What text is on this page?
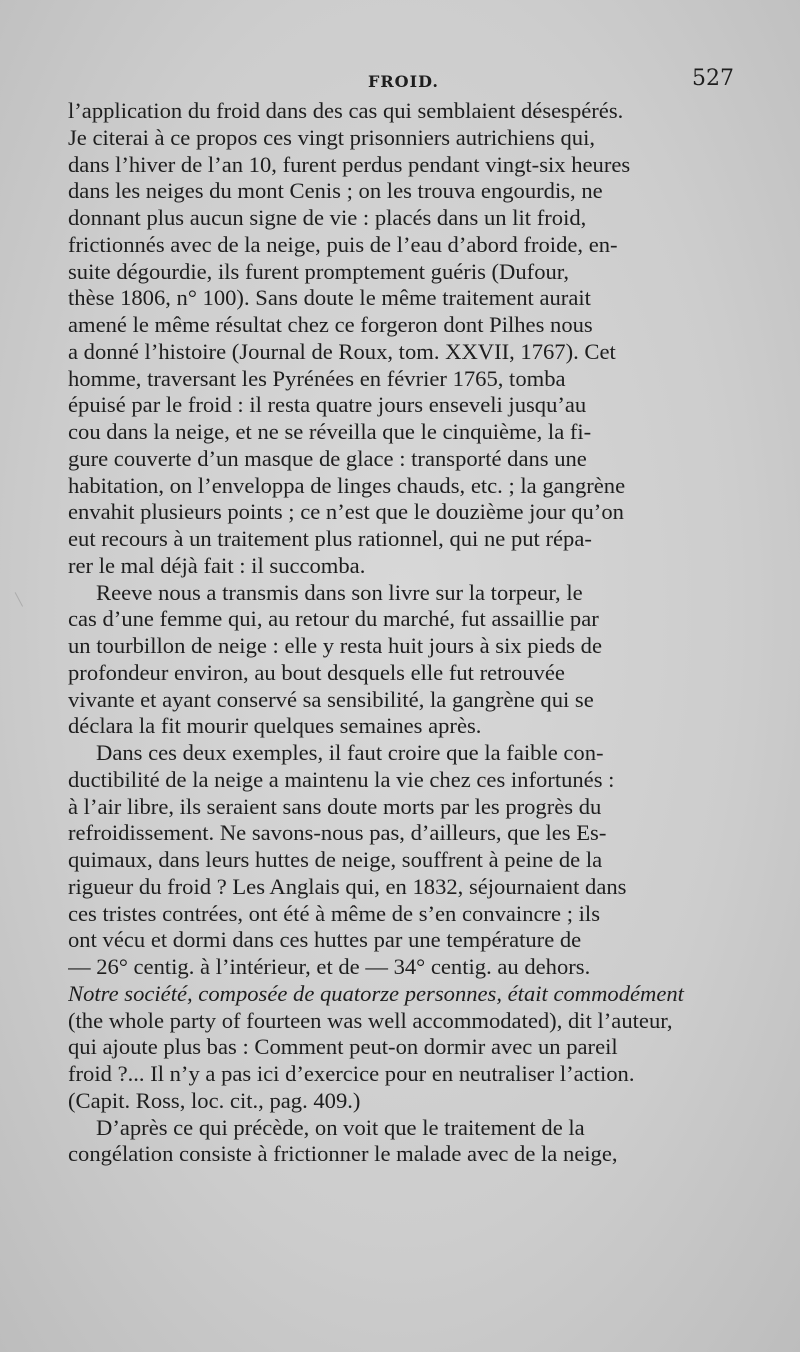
FROID.	527
l’application du froid dans des cas qui semblaient désespérés.
Je citerai à ce propos ces vingt prisonniers autrichiens qui,
dans l’hiver de l’an 10, furent perdus pendant vingt-six heures
dans les neiges du mont Cenis ; on les trouva engourdis, ne
donnant plus aucun signe de vie : placés dans un lit froid,
frictionnés avec de la neige, puis de l’eau d’abord froide, en-
suite dégourdie, ils furent promptement guéris (Dufour,
thèse 1806, n° 100). Sans doute le même traitement aurait
amené le même résultat chez ce forgeron dont Pilhes nous
a donné l’histoire (Journal de Roux, tom. XXVII, 1767). Cet
homme, traversant les Pyrénées en février 1765, tomba
épuisé par le froid : il resta quatre jours enseveli jusqu’au
cou dans la neige, et ne se réveilla que le cinquième, la fi-
gure couverte d’un masque de glace : transporté dans une
habitation, on l’enveloppa de linges chauds, etc. ; la gangrène
envahit plusieurs points ; ce n’est que le douzième jour qu’on
eut recours à un traitement plus rationnel, qui ne put répa-
rer le mal déjà fait : il succomba.
Reeve nous a transmis dans son livre sur la torpeur, le
cas d’une femme qui, au retour du marché, fut assaillie par
un tourbillon de neige : elle y resta huit jours à six pieds de
profondeur environ, au bout desquels elle fut retrouvée
vivante et ayant conservé sa sensibilité, la gangrène qui se
déclara la fit mourir quelques semaines après.
Dans ces deux exemples, il faut croire que la faible con-
ductibilité de la neige a maintenu la vie chez ces infortunés :
à l’air libre, ils seraient sans doute morts par les progrès du
refroidissement. Ne savons-nous pas, d’ailleurs, que les Es-
quimaux, dans leurs huttes de neige, souffrent à peine de la
rigueur du froid ? Les Anglais qui, en 1832, séjournaient dans
ces tristes contrées, ont été à même de s’en convaincre ; ils
ont vécu et dormi dans ces huttes par une température de
— 26° centig. à l’intérieur, et de — 34° centig. au dehors.
Notre société, composée de quatorze personnes, était commodément
(the whole party of fourteen was well accommodated), dit l’auteur,
qui ajoute plus bas : Comment peut-on dormir avec un pareil
froid ?... Il n’y a pas ici d’exercice pour en neutraliser l’action.
(Capit. Ross, loc. cit., pag. 409.)
D’après ce qui précède, on voit que le traitement de la
congélation consiste à frictionner le malade avec de la neige,
